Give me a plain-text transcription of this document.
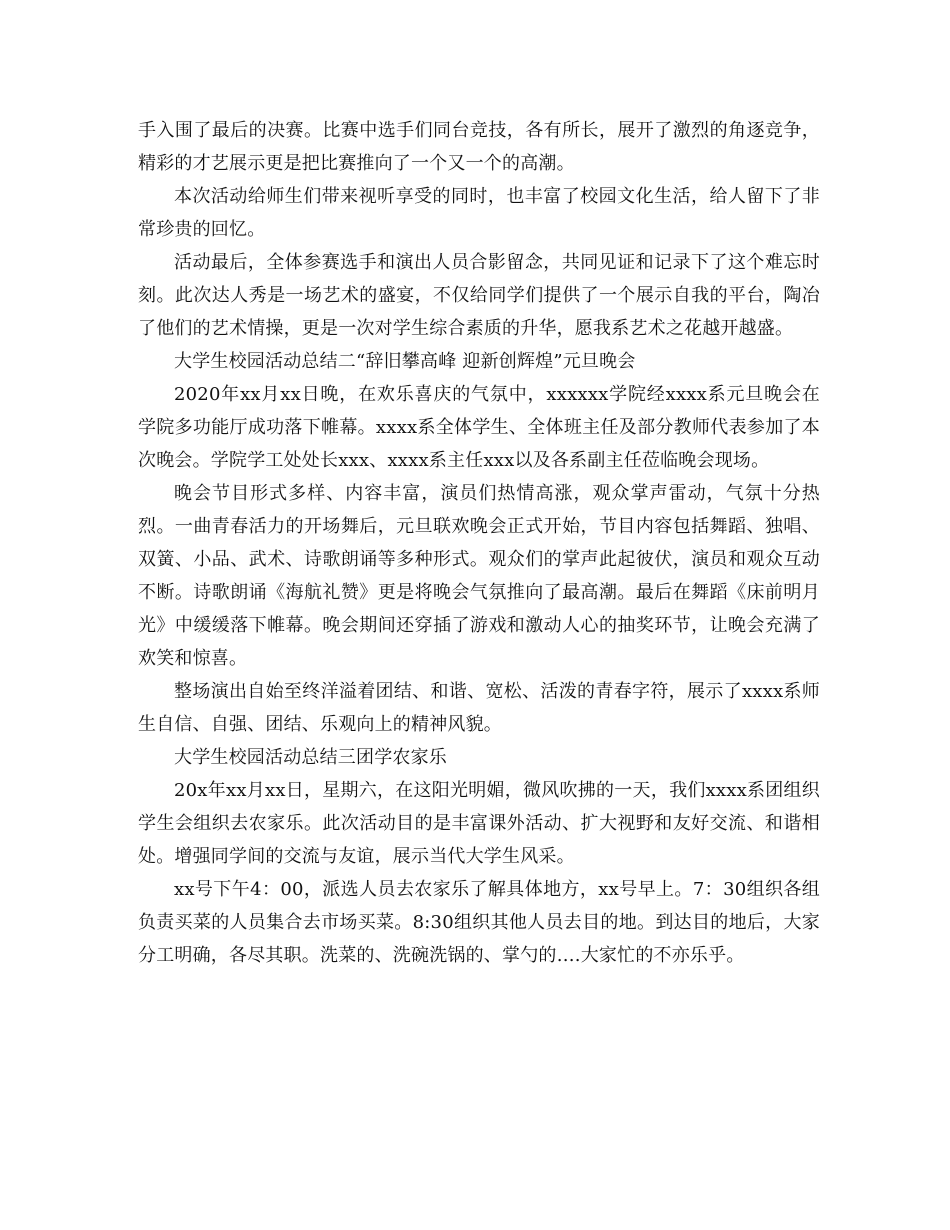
手入围了最后的决赛。比赛中选手们同台竞技，各有所长，展开了激烈的角逐竞争，精彩的才艺展示更是把比赛推向了一个又一个的高潮。

本次活动给师生们带来视听享受的同时，也丰富了校园文化生活，给人留下了非常珍贵的回忆。

活动最后，全体参赛选手和演出人员合影留念，共同见证和记录下了这个难忘时刻。此次达人秀是一场艺术的盛宴，不仅给同学们提供了一个展示自我的平台，陶冶了他们的艺术情操，更是一次对学生综合素质的升华，愿我系艺术之花越开越盛。

大学生校园活动总结二“辞旧攀高峰 迎新创辉煌”元旦晚会

2020年xx月xx日晚，在欢乐喜庆的气氛中，xxxxxx学院经xxxx系元旦晚会在学院多功能厅成功落下帷幕。xxxx系全体学生、全体班主任及部分教师代表参加了本次晚会。学院学工处处长xxx、xxxx系主任xxx以及各系副主任莅临晚会现场。

晚会节目形式多样、内容丰富，演员们热情高涨，观众掌声雷动，气氛十分热烈。一曲青春活力的开场舞后，元旦联欢晚会正式开始，节目内容包括舞蹈、独唱、双簧、小品、武术、诗歌朗诵等多种形式。观众们的掌声此起彼伏，演员和观众互动不断。诗歌朗诵《海航礼赞》更是将晚会气氛推向了最高潮。最后在舞蹈《床前明月光》中缓缓落下帷幕。晚会期间还穿插了游戏和激动人心的抽奖环节，让晚会充满了欢笑和惊喜。

整场演出自始至终洋溢着团结、和谐、宽松、活泼的青春字符，展示了xxxx系师生自信、自强、团结、乐观向上的精神风貌。

大学生校园活动总结三团学农家乐

20x年xx月xx日，星期六，在这阳光明媚，微风吹拂的一天，我们xxxx系团组织学生会组织去农家乐。此次活动目的是丰富课外活动、扩大视野和友好交流、和谐相处。增强同学间的交流与友谊，展示当代大学生风采。

xx号下午4：00，派选人员去农家乐了解具体地方，xx号早上。7：30组织各组负责买菜的人员集合去市场买菜。8:30组织其他人员去目的地。到达目的地后，大家分工明确，各尽其职。洗菜的、洗碗洗锅的、掌勺的….大家忙的不亦乐乎。
